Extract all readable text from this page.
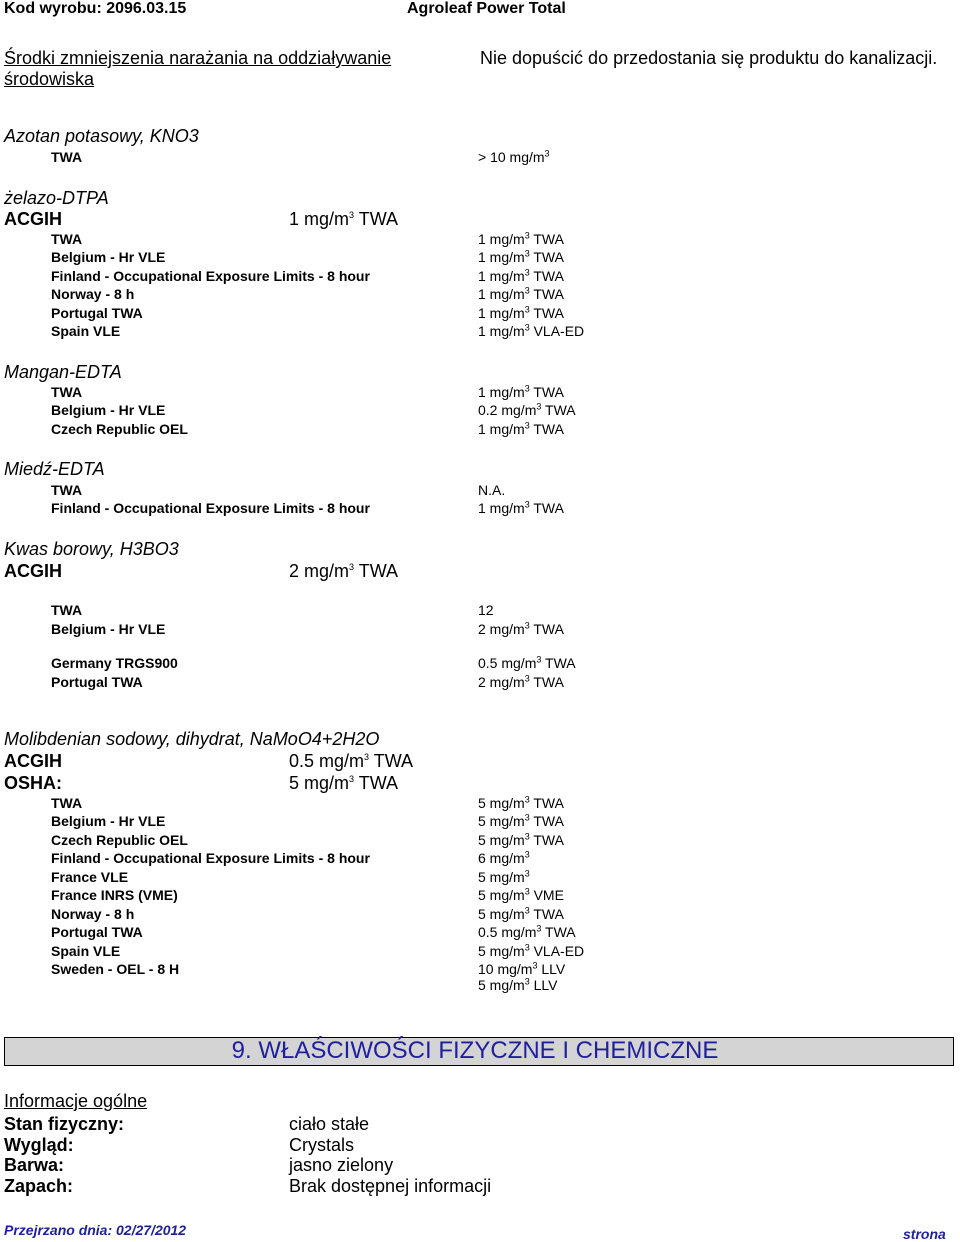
Kod wyrobu: 2096.03.15	Agroleaf Power Total
Środki zmniejszenia narażania na oddziaływanie
środowiska
Nie dopuścić do przedostania się produktu do kanalizacji.
Azotan potasowy, KNO3
TWA	> 10 $mg/m^3$
żelazo-DTPA
ACGIH	1 $mg/m^3$ TWA
TWA	1 $mg/m^3$ TWA
Belgium - Hr VLE	1 $mg/m^3$ TWA
Finland - Occupational Exposure Limits - 8 hour	1 $mg/m^3$ TWA
Norway - 8 h	1 $mg/m^3$ TWA
Portugal TWA	1 $mg/m^3$ TWA
Spain VLE	1 $mg/m^3$ VLA-ED
Mangan-EDTA
TWA	1 $mg/m^3$ TWA
Belgium - Hr VLE	0.2 $mg/m^3$ TWA
Czech Republic OEL	1 $mg/m^3$ TWA
Miedź-EDTA
TWA	N.A.
Finland - Occupational Exposure Limits - 8 hour	1 $mg/m^3$ TWA
Kwas borowy, H3BO3
ACGIH	2 $mg/m^3$ TWA
TWA	12
Belgium - Hr VLE	2 $mg/m^3$ TWA
Germany TRGS900	0.5 $mg/m^3$ TWA
Portugal TWA	2 $mg/m^3$ TWA
Molibdenian sodowy, dihydrat, NaMoO4+2H2O
ACGIH	0.5 $mg/m^3$ TWA
OSHA:	5 $mg/m^3$ TWA
TWA	5 $mg/m^3$ TWA
Belgium - Hr VLE	5 $mg/m^3$ TWA
Czech Republic OEL	5 $mg/m^3$ TWA
Finland - Occupational Exposure Limits - 8 hour	6 $mg/m^3$
France VLE	5 $mg/m^3$
France INRS (VME)	5 $mg/m^3$ VME
Norway - 8 h	5 $mg/m^3$ TWA
Portugal TWA	0.5 $mg/m^3$ TWA
Spain VLE	5 $mg/m^3$ VLA-ED
Sweden - OEL - 8 H	10 $mg/m^3$ LLV
5 $mg/m^3$ LLV
9. WŁAŚCIWOŚCI FIZYCZNE I CHEMICZNE
Informacje ogólne
Stan fizyczny:	ciało stałe
Wygląd:	Crystals
Barwa:	jasno zielony
Zapach:	Brak dostępnej informacji
Przejrzano dnia: 02/27/2012	strona
